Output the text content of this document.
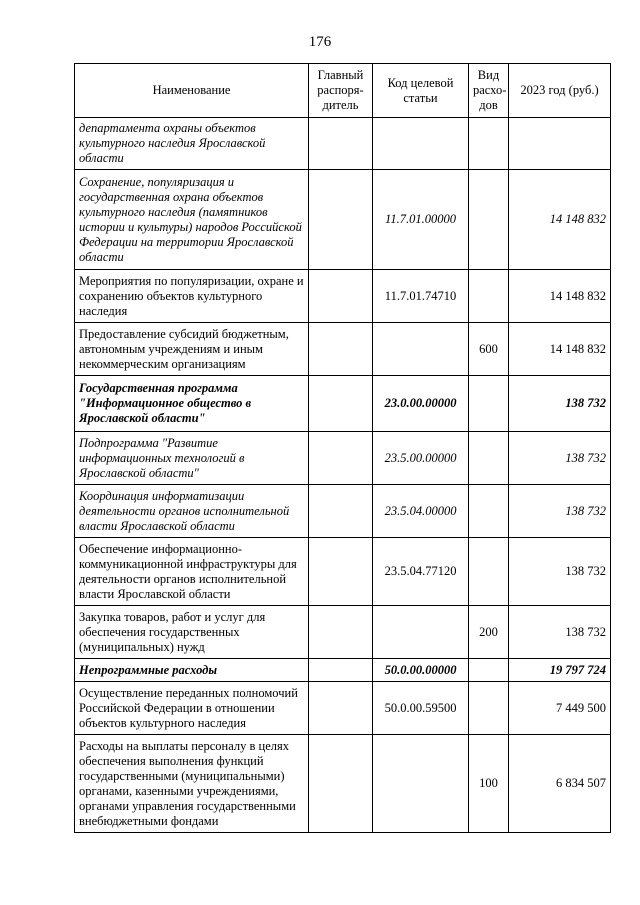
176
Наименование	Главный распоря-дитель	Код целевой статьи	Вид расхо-дов	2023 год (руб.)
департамента охраны объектов культурного наследия Ярославской области				
Сохранение, популяризация и государственная охрана объектов культурного наследия (памятников истории и культуры) народов Российской Федерации на территории Ярославской области		11.7.01.00000		14 148 832
Мероприятия по популяризации, охране и сохранению объектов культурного наследия		11.7.01.74710		14 148 832
Предоставление субсидий бюджетным, автономным учреждениям и иным некоммерческим организациям			600	14 148 832
Государственная программа "Информационное общество в Ярославской области"		23.0.00.00000		138 732
Подпрограмма "Развитие информационных технологий в Ярославской области"		23.5.00.00000		138 732
Координация информатизации деятельности органов исполнительной власти Ярославской области		23.5.04.00000		138 732
Обеспечение информационно-коммуникационной инфраструктуры для деятельности органов исполнительной власти Ярославской области		23.5.04.77120		138 732
Закупка товаров, работ и услуг для обеспечения государственных (муниципальных) нужд			200	138 732
Непрограммные расходы		50.0.00.00000		19 797 724
Осуществление переданных полномочий Российской Федерации в отношении объектов культурного наследия		50.0.00.59500		7 449 500
Расходы на выплаты персоналу в целях обеспечения выполнения функций государственными (муниципальными) органами, казенными учреждениями, органами управления государственными внебюджетными фондами			100	6 834 507
